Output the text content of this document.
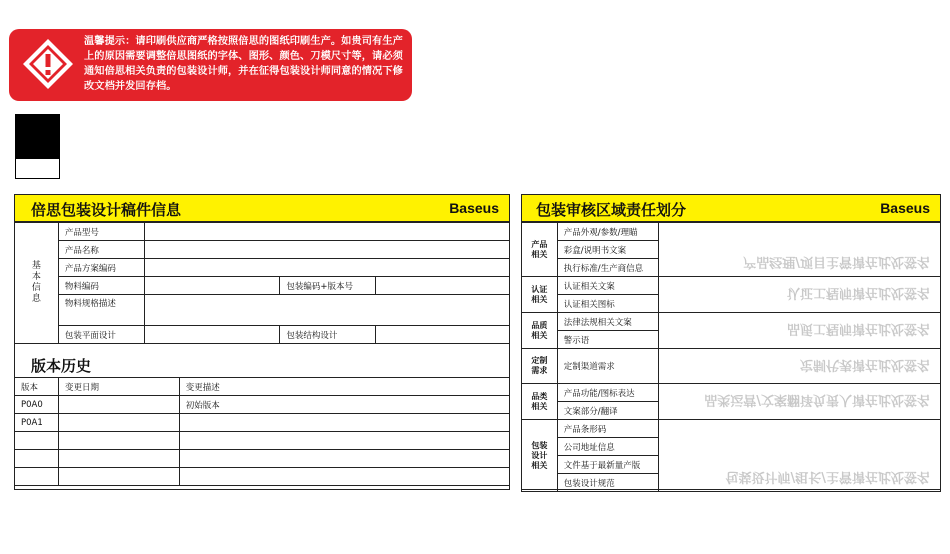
温馨提示：请印刷供应商严格按照倍思的图纸印刷生产。如贵司有生产上的原因需要调整倍思图纸的字体、图形、颜色、刀模尺寸等，请必须通知倍思相关负责的包装设计师，并在征得包装设计师同意的情况下修改文档并发回存档。
倍思包装设计稿件信息	Baseus
基本信息	产品型号			
	产品名称			
	产品方案编码			
	物料编码		包装编码+版本号	
	物料规格描述			
	包装平面设计		包装结构设计	
版本历史
版本	变更日期	变更描述
P0A0		初始版本
P0A1		

包装审核区域责任划分	Baseus
产品相关	产品外观/参数/理瞄	产品经理/项目主管请在此处签名
	彩盒/说明书文案	
	执行标准/生产商信息	
认证相关	认证相关文案	认证工程师请在此处签名
	认证相关图标	
品质相关	法律法规相关文案	品质工程师请在此处签名
	警示语	
定制需求	定制渠道需求	定制代表请在此处签名
品类相关	产品功能/图标表达	品类运营/文案翻译负责人请在此处签名
	文案部分/翻译	
包装设计相关	产品条形码	包装设计师/组长/主管请在此处签名
	公司地址信息	
	文件基于最新量产版	
	包装设计规范	
